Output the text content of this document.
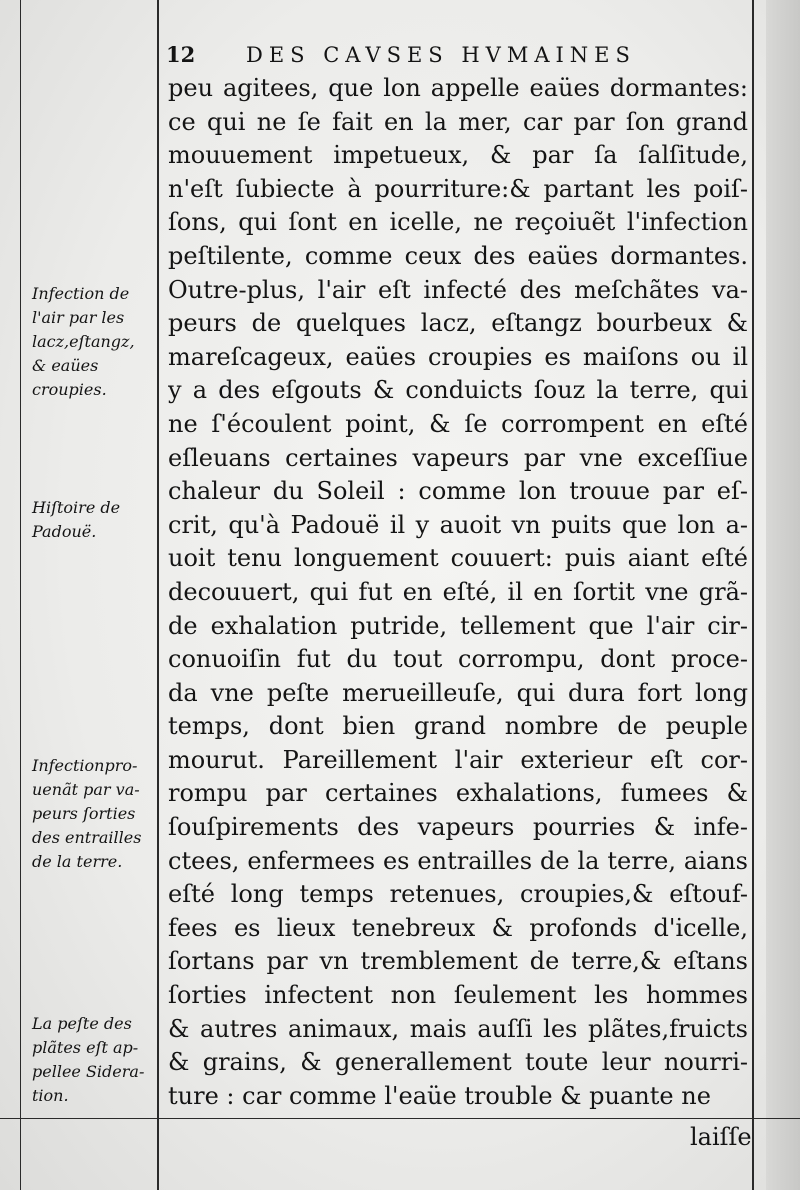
12 DES CAVSES HVMAINES
peu agitees, que lon appelle eaües dormantes:
ce qui ne ſe fait en la mer, car par ſon grand
mouuement impetueux, & par ſa ſalſitude,
n'eſt ſubiecte à pourriture:& partant les poiſ-
ſons, qui ſont en icelle, ne reçoiuẽt l'infection
peſtilente, comme ceux des eaües dormantes.
Outre-plus, l'air eſt infecté des meſchãtes va-
peurs de quelques lacz, eſtangz bourbeux &
mareſcageux, eaües croupies es maiſons ou il
y a des eſgouts & conduicts ſouz la terre, qui
ne ſ'écoulent point, & ſe corrompent en eſté
eſleuans certaines vapeurs par vne exceſſiue
chaleur du Soleil : comme lon trouue par eſ-
crit, qu'à Padouë il y auoit vn puits que lon a-
uoit tenu longuement couuert: puis aiant eſté
decouuert, qui fut en eſté, il en ſortit vne grã-
de exhalation putride, tellement que l'air cir-
conuoiſin fut du tout corrompu, dont proce-
da vne peſte merueilleuſe, qui dura fort long
temps, dont bien grand nombre de peuple
mourut. Pareillement l'air exterieur eſt cor-
rompu par certaines exhalations, fumees &
ſouſpirements des vapeurs pourries & infe-
ctees, enfermees es entrailles de la terre, aians
eſté long temps retenues, croupies,& eſtouf-
fees es lieux tenebreux & profonds d'icelle,
ſortans par vn tremblement de terre,& eſtans
ſorties infectent non ſeulement les hommes
& autres animaux, mais auſſi les plãtes,fruicts
& grains, & generallement toute leur nourri-
ture : car comme l'eaüe trouble & puante ne
Infection de
l'air par les
lacz,eſtangz,
& eaües
croupies.
Hiſtoire de
Padouë.
Infectionpro-
uenãt par va-
peurs ſorties
des entrailles
de la terre.
La peſte des
plãtes eſt ap-
pellee Sidera-
tion.
laiſſe
